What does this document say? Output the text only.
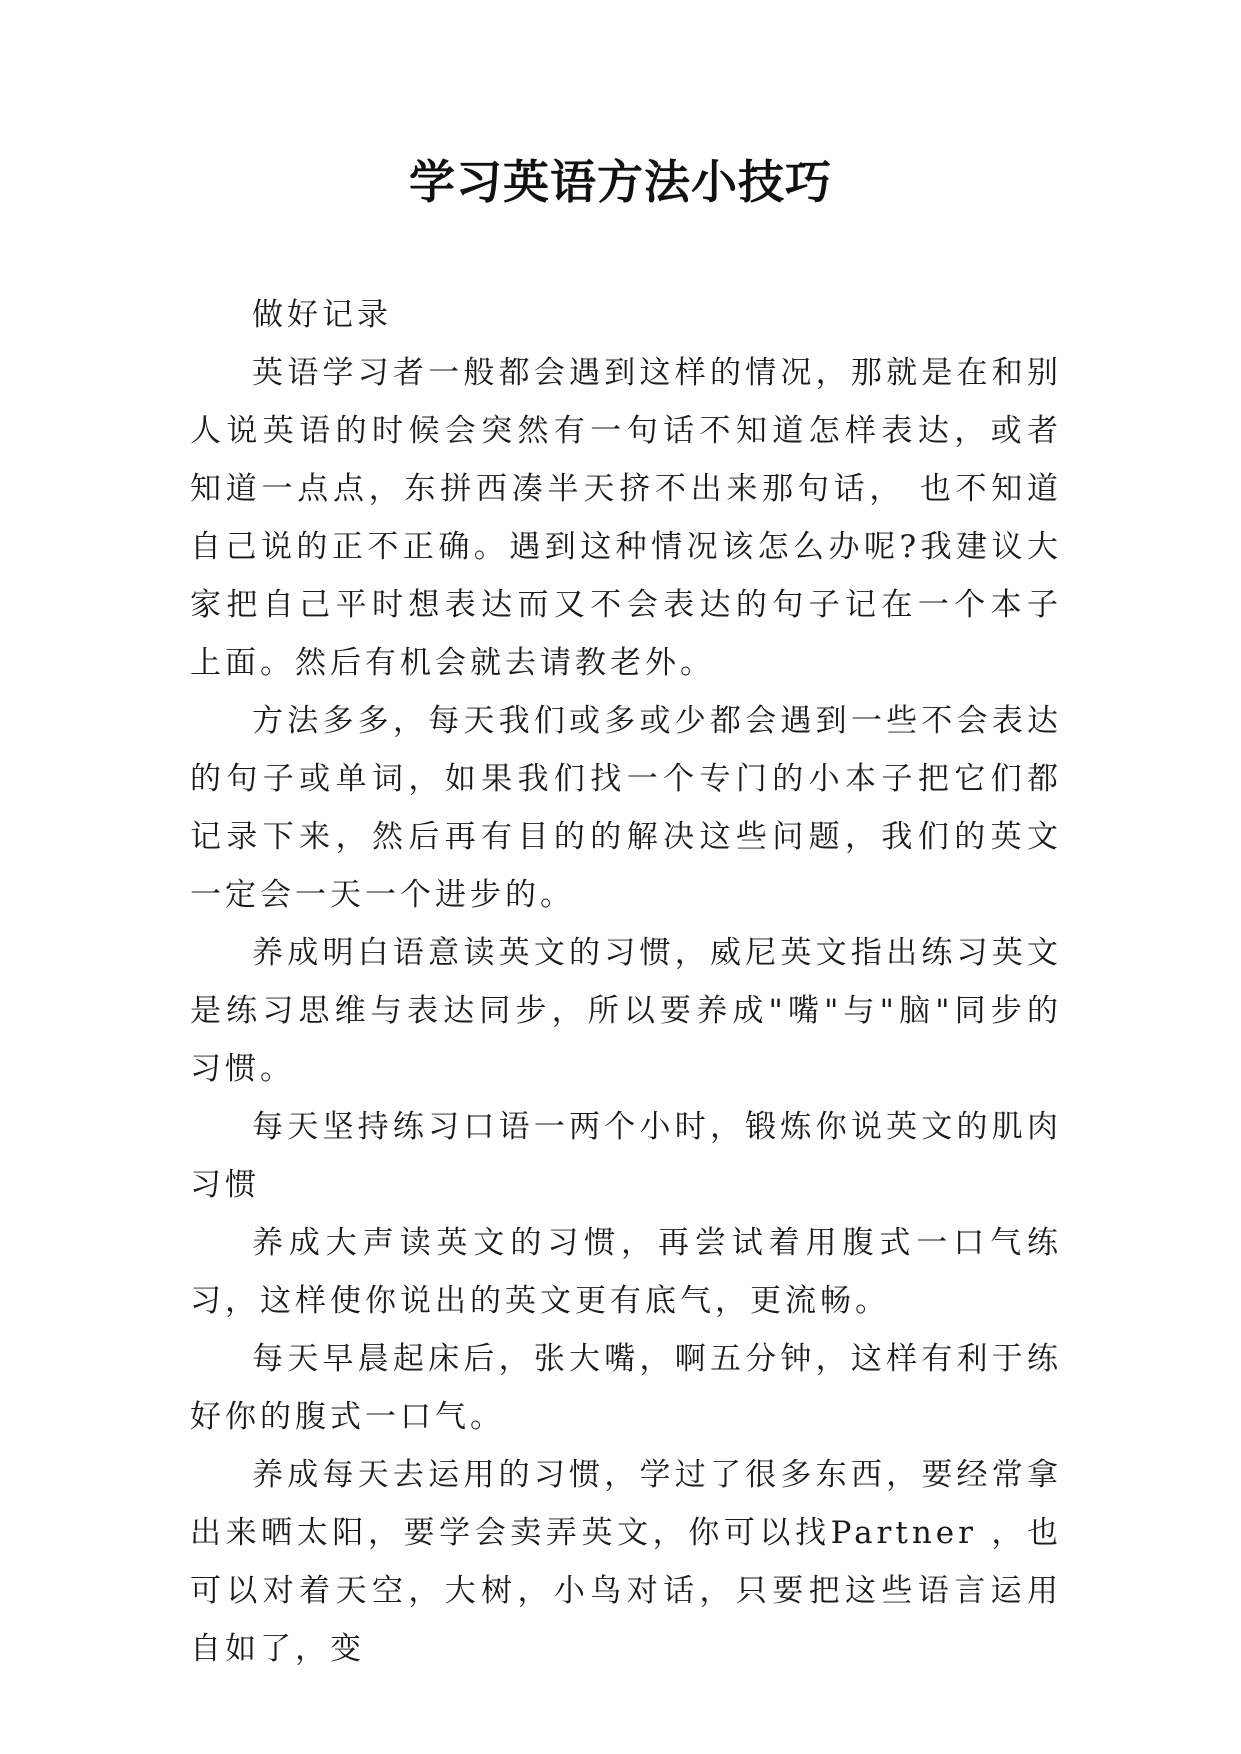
学习英语方法小技巧

做好记录

英语学习者一般都会遇到这样的情况，那就是在和别人说英语的时候会突然有一句话不知道怎样表达，或者知道一点点，东拼西凑半天挤不出来那句话， 也不知道自己说的正不正确。遇到这种情况该怎么办呢?我建议大家把自己平时想表达而又不会表达的句子记在一个本子上面。然后有机会就去请教老外。

方法多多，每天我们或多或少都会遇到一些不会表达的句子或单词，如果我们找一个专门的小本子把它们都记录下来，然后再有目的的解决这些问题，我们的英文一定会一天一个进步的。

养成明白语意读英文的习惯，威尼英文指出练习英文是练习思维与表达同步，所以要养成"嘴"与"脑"同步的习惯。

每天坚持练习口语一两个小时，锻炼你说英文的肌肉习惯

养成大声读英文的习惯，再尝试着用腹式一口气练习，这样使你说出的英文更有底气，更流畅。

每天早晨起床后，张大嘴，啊五分钟，这样有利于练好你的腹式一口气。

养成每天去运用的习惯，学过了很多东西，要经常拿出来晒太阳，要学会卖弄英文，你可以找Partner ，也可以对着天空，大树，小鸟对话，只要把这些语言运用自如了，变
